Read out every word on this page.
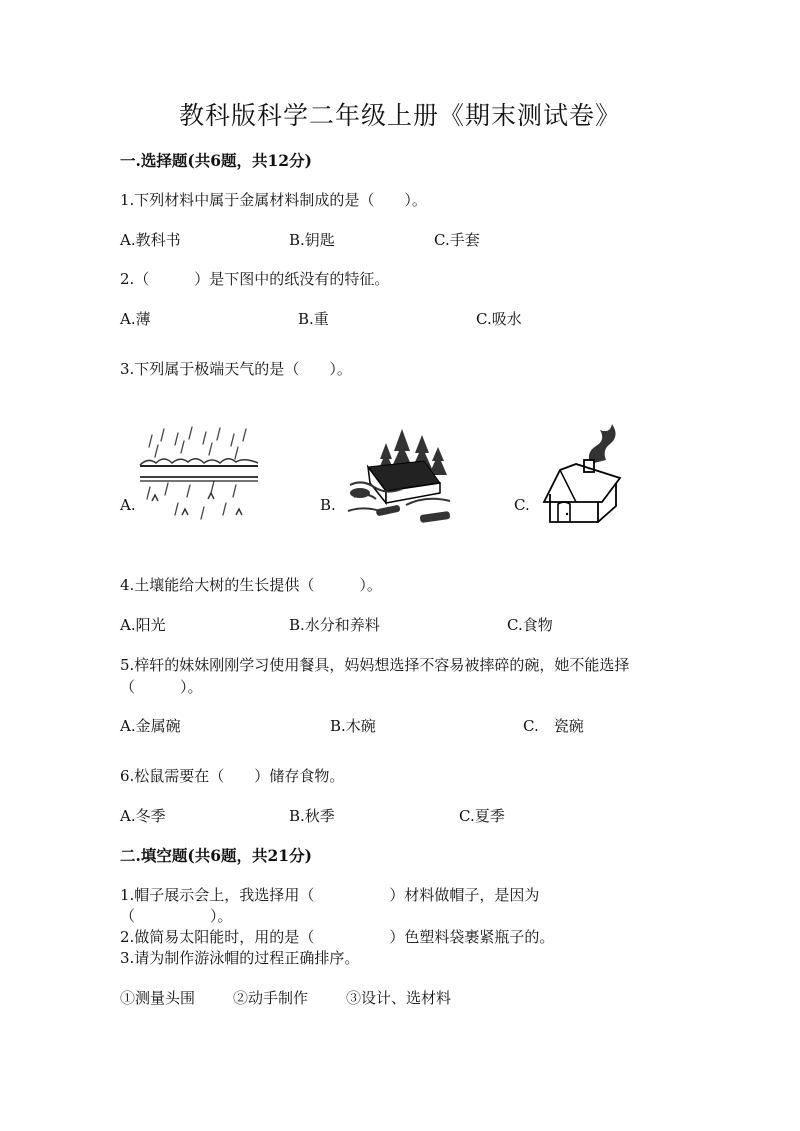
教科版科学二年级上册《期末测试卷》
一.选择题(共6题，共12分)
1.下列材料中属于金属材料制成的是（　　）。
A.教科书	B.钥匙	C.手套
2.（　　　）是下图中的纸没有的特征。
A.薄	B.重	C.吸水
3.下列属于极端天气的是（　　）。
A.	B.	C.
4.土壤能给大树的生长提供（　　　）。
A.阳光	B.水分和养料	C.食物
5.梓轩的妹妹刚刚学习使用餐具，妈妈想选择不容易被摔碎的碗，她不能选择
（　　　）。
A.金属碗	B.木碗	C.　瓷碗
6.松鼠需要在（　　）储存食物。
A.冬季	B.秋季	C.夏季
二.填空题(共6题，共21分)
1.帽子展示会上，我选择用（　　　　　）材料做帽子，是因为
（　　　　　）。
2.做简易太阳能时，用的是（　　　　　）色塑料袋裹紧瓶子的。
3.请为制作游泳帽的过程正确排序。
①测量头围	②动手制作	③设计、选材料
